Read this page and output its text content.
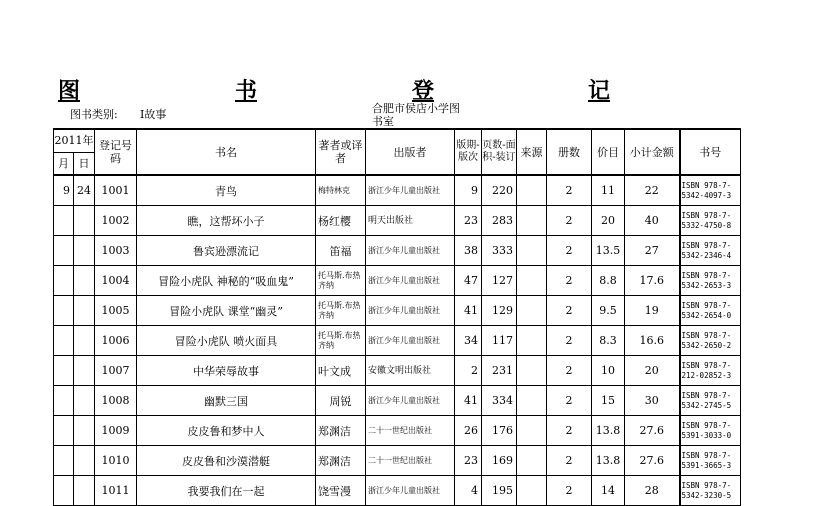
图	书	登	记
图书类别: I故事	合肥市侯店小学图书室
2011年		登记号码	书名	著者或译者	出版者	版期-版次	页数-面积-装订	来源	册数	价目	小计金额	书号
月	日											
9	24	1001	青鸟	梅特林克	浙江少年儿童出版社	9	220		2	11	22	ISBN 978-7-5342-4097-3
		1002	瞧，这帮坏小子	杨红樱	明天出版社	23	283		2	20	40	ISBN 978-7-5332-4750-8
		1003	鲁宾逊漂流记	笛福	浙江少年儿童出版社	38	333		2	13.5	27	ISBN 978-7-5342-2346-4
		1004	冒险小虎队 神秘的“吸血鬼”	托马斯.布热齐纳	浙江少年儿童出版社	47	127		2	8.8	17.6	ISBN 978-7-5342-2653-3
		1005	冒险小虎队 课堂“幽灵”	托马斯.布热齐纳	浙江少年儿童出版社	41	129		2	9.5	19	ISBN 978-7-5342-2654-0
		1006	冒险小虎队 喷火面具	托马斯.布热齐纳	浙江少年儿童出版社	34	117		2	8.3	16.6	ISBN 978-7-5342-2650-2
		1007	中华荣辱故事	叶文成	安徽文明出版社	2	231		2	10	20	ISBN 978-7-212-02852-3
		1008	幽默三国	周锐	浙江少年儿童出版社	41	334		2	15	30	ISBN 978-7-5342-2745-5
		1009	皮皮鲁和梦中人	郑渊洁	二十一世纪出版社	26	176		2	13.8	27.6	ISBN 978-7-5391-3033-0
		1010	皮皮鲁和沙漠潜艇	郑渊洁	二十一世纪出版社	23	169		2	13.8	27.6	ISBN 978-7-5391-3665-3
		1011	我要我们在一起	饶雪漫	浙江少年儿童出版社	4	195		2	14	28	ISBN 978-7-5342-3230-5
